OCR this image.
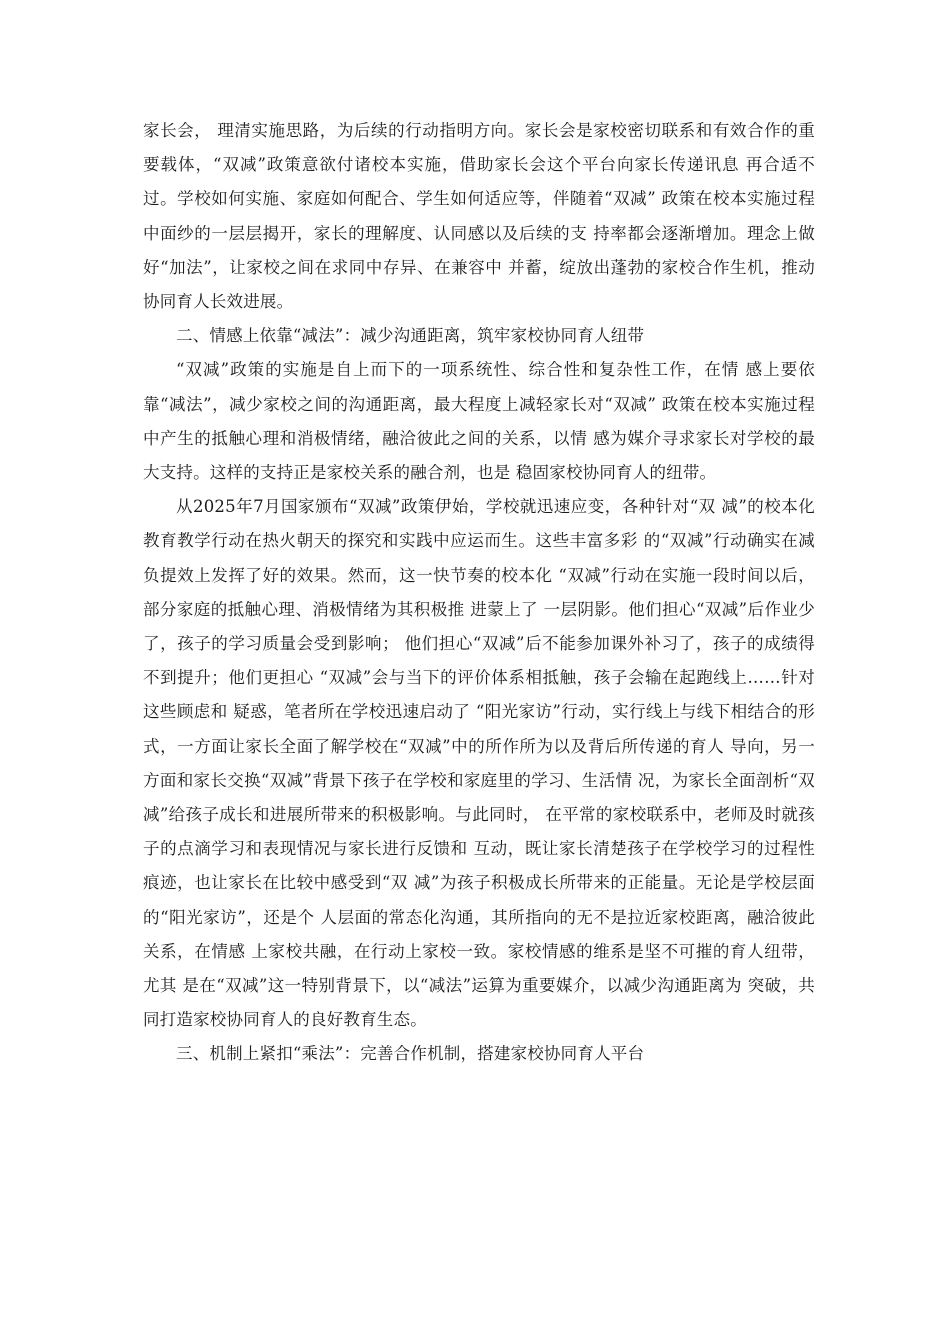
家长会， 理清实施思路，为后续的行动指明方向。家长会是家校密切联系和有效合作的重要载体，“双减”政策意欲付诸校本实施，借助家长会这个平台向家长传递讯息 再合适不过。学校如何实施、家庭如何配合、学生如何适应等，伴随着“双减” 政策在校本实施过程中面纱的一层层揭开，家长的理解度、认同感以及后续的支 持率都会逐渐增加。理念上做好“加法”，让家校之间在求同中存异、在兼容中 并蓄，绽放出蓬勃的家校合作生机，推动协同育人长效进展。

二、情感上依靠“减法”：减少沟通距离，筑牢家校协同育人纽带

“双减”政策的实施是自上而下的一项系统性、综合性和复杂性工作，在情 感上要依靠“减法”，减少家校之间的沟通距离，最大程度上减轻家长对“双减” 政策在校本实施过程中产生的抵触心理和消极情绪，融洽彼此之间的关系，以情 感为媒介寻求家长对学校的最大支持。这样的支持正是家校关系的融合剂，也是 稳固家校协同育人的纽带。

从2025年7月国家颁布“双减”政策伊始，学校就迅速应变，各种针对“双 减”的校本化教育教学行动在热火朝天的探究和实践中应运而生。这些丰富多彩 的“双减”行动确实在减负提效上发挥了好的效果。然而，这一快节奏的校本化 “双减”行动在实施一段时间以后，部分家庭的抵触心理、消极情绪为其积极推 进蒙上了 一层阴影。他们担心“双减”后作业少了，孩子的学习质量会受到影响； 他们担心“双减”后不能参加课外补习了，孩子的成绩得不到提升；他们更担心 “双减”会与当下的评价体系相抵触，孩子会输在起跑线上……针对这些顾虑和 疑惑，笔者所在学校迅速启动了 “阳光家访”行动，实行线上与线下相结合的形 式，一方面让家长全面了解学校在“双减”中的所作所为以及背后所传递的育人 导向，另一方面和家长交换“双减”背景下孩子在学校和家庭里的学习、生活情 况，为家长全面剖析“双减”给孩子成长和进展所带来的积极影响。与此同时， 在平常的家校联系中，老师及时就孩子的点滴学习和表现情况与家长进行反馈和 互动，既让家长清楚孩子在学校学习的过程性痕迹，也让家长在比较中感受到“双 减”为孩子积极成长所带来的正能量。无论是学校层面的“阳光家访”，还是个 人层面的常态化沟通，其所指向的无不是拉近家校距离，融洽彼此关系，在情感 上家校共融，在行动上家校一致。家校情感的维系是坚不可摧的育人纽带，尤其 是在“双减”这一特别背景下，以“减法”运算为重要媒介，以减少沟通距离为 突破，共同打造家校协同育人的良好教育生态。

三、机制上紧扣“乘法”：完善合作机制，搭建家校协同育人平台
